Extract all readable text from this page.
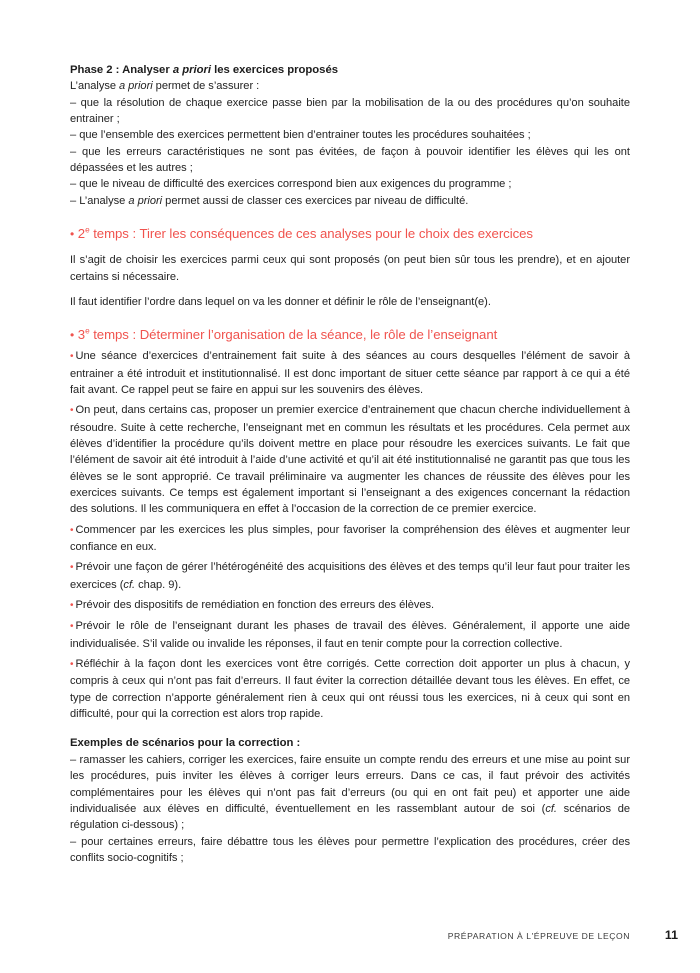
Phase 2 : Analyser a priori les exercices proposés

L’analyse a priori permet de s’assurer :

– que la résolution de chaque exercice passe bien par la mobilisation de la ou des procédures qu’on souhaite entrainer ;

– que l’ensemble des exercices permettent bien d’entrainer toutes les procédures souhaitées ;

– que les erreurs caractéristiques ne sont pas évitées, de façon à pouvoir identifier les élèves qui les ont dépassées et les autres ;

– que le niveau de difficulté des exercices correspond bien aux exigences du programme ;

– L’analyse a priori permet aussi de classer ces exercices par niveau de difficulté.

• 2e temps : Tirer les conséquences de ces analyses pour le choix des exercices

Il s’agit de choisir les exercices parmi ceux qui sont proposés (on peut bien sûr tous les prendre), et en ajouter certains si nécessaire.

Il faut identifier l’ordre dans lequel on va les donner et définir le rôle de l’enseignant(e).

• 3e temps : Déterminer l’organisation de la séance, le rôle de l’enseignant

• Une séance d’exercices d’entrainement fait suite à des séances au cours desquelles l’élément de savoir à entrainer a été introduit et institutionnalisé. Il est donc important de situer cette séance par rapport à ce qui a été fait avant. Ce rappel peut se faire en appui sur les souvenirs des élèves.

• On peut, dans certains cas, proposer un premier exercice d’entrainement que chacun cherche individuellement à résoudre. Suite à cette recherche, l’enseignant met en commun les résultats et les procédures. Cela permet aux élèves d’identifier la procédure qu’ils doivent mettre en place pour résoudre les exercices suivants. Le fait que l’élément de savoir ait été introduit à l’aide d’une activité et qu’il ait été institutionnalisé ne garantit pas que tous les élèves se le sont approprié. Ce travail préliminaire va augmenter les chances de réussite des élèves pour les exercices suivants. Ce temps est également important si l’enseignant a des exigences concernant la rédaction des solutions. Il les communiquera en effet à l’occasion de la correction de ce premier exercice.

• Commencer par les exercices les plus simples, pour favoriser la compréhension des élèves et augmenter leur confiance en eux.

• Prévoir une façon de gérer l’hétérogénéité des acquisitions des élèves et des temps qu’il leur faut pour traiter les exercices (cf. chap. 9).

• Prévoir des dispositifs de remédiation en fonction des erreurs des élèves.

• Prévoir le rôle de l’enseignant durant les phases de travail des élèves. Généralement, il apporte une aide individualisée. S’il valide ou invalide les réponses, il faut en tenir compte pour la correction collective.

• Réfléchir à la façon dont les exercices vont être corrigés. Cette correction doit apporter un plus à chacun, y compris à ceux qui n’ont pas fait d’erreurs. Il faut éviter la correction détaillée devant tous les élèves. En effet, ce type de correction n’apporte généralement rien à ceux qui ont réussi tous les exercices, ni à ceux qui sont en difficulté, pour qui la correction est alors trop rapide.

Exemples de scénarios pour la correction :

– ramasser les cahiers, corriger les exercices, faire ensuite un compte rendu des erreurs et une mise au point sur les procédures, puis inviter les élèves à corriger leurs erreurs. Dans ce cas, il faut prévoir des activités complémentaires pour les élèves qui n’ont pas fait d’erreurs (ou qui en ont fait peu) et apporter une aide individualisée aux élèves en difficulté, éventuellement en les rassemblant autour de soi (cf. scénarios de régulation ci-dessous) ;

– pour certaines erreurs, faire débattre tous les élèves pour permettre l’explication des procédures, créer des conflits socio-cognitifs ;

PRÉPARATION À L'ÉPREUVE DE LEÇON	11
